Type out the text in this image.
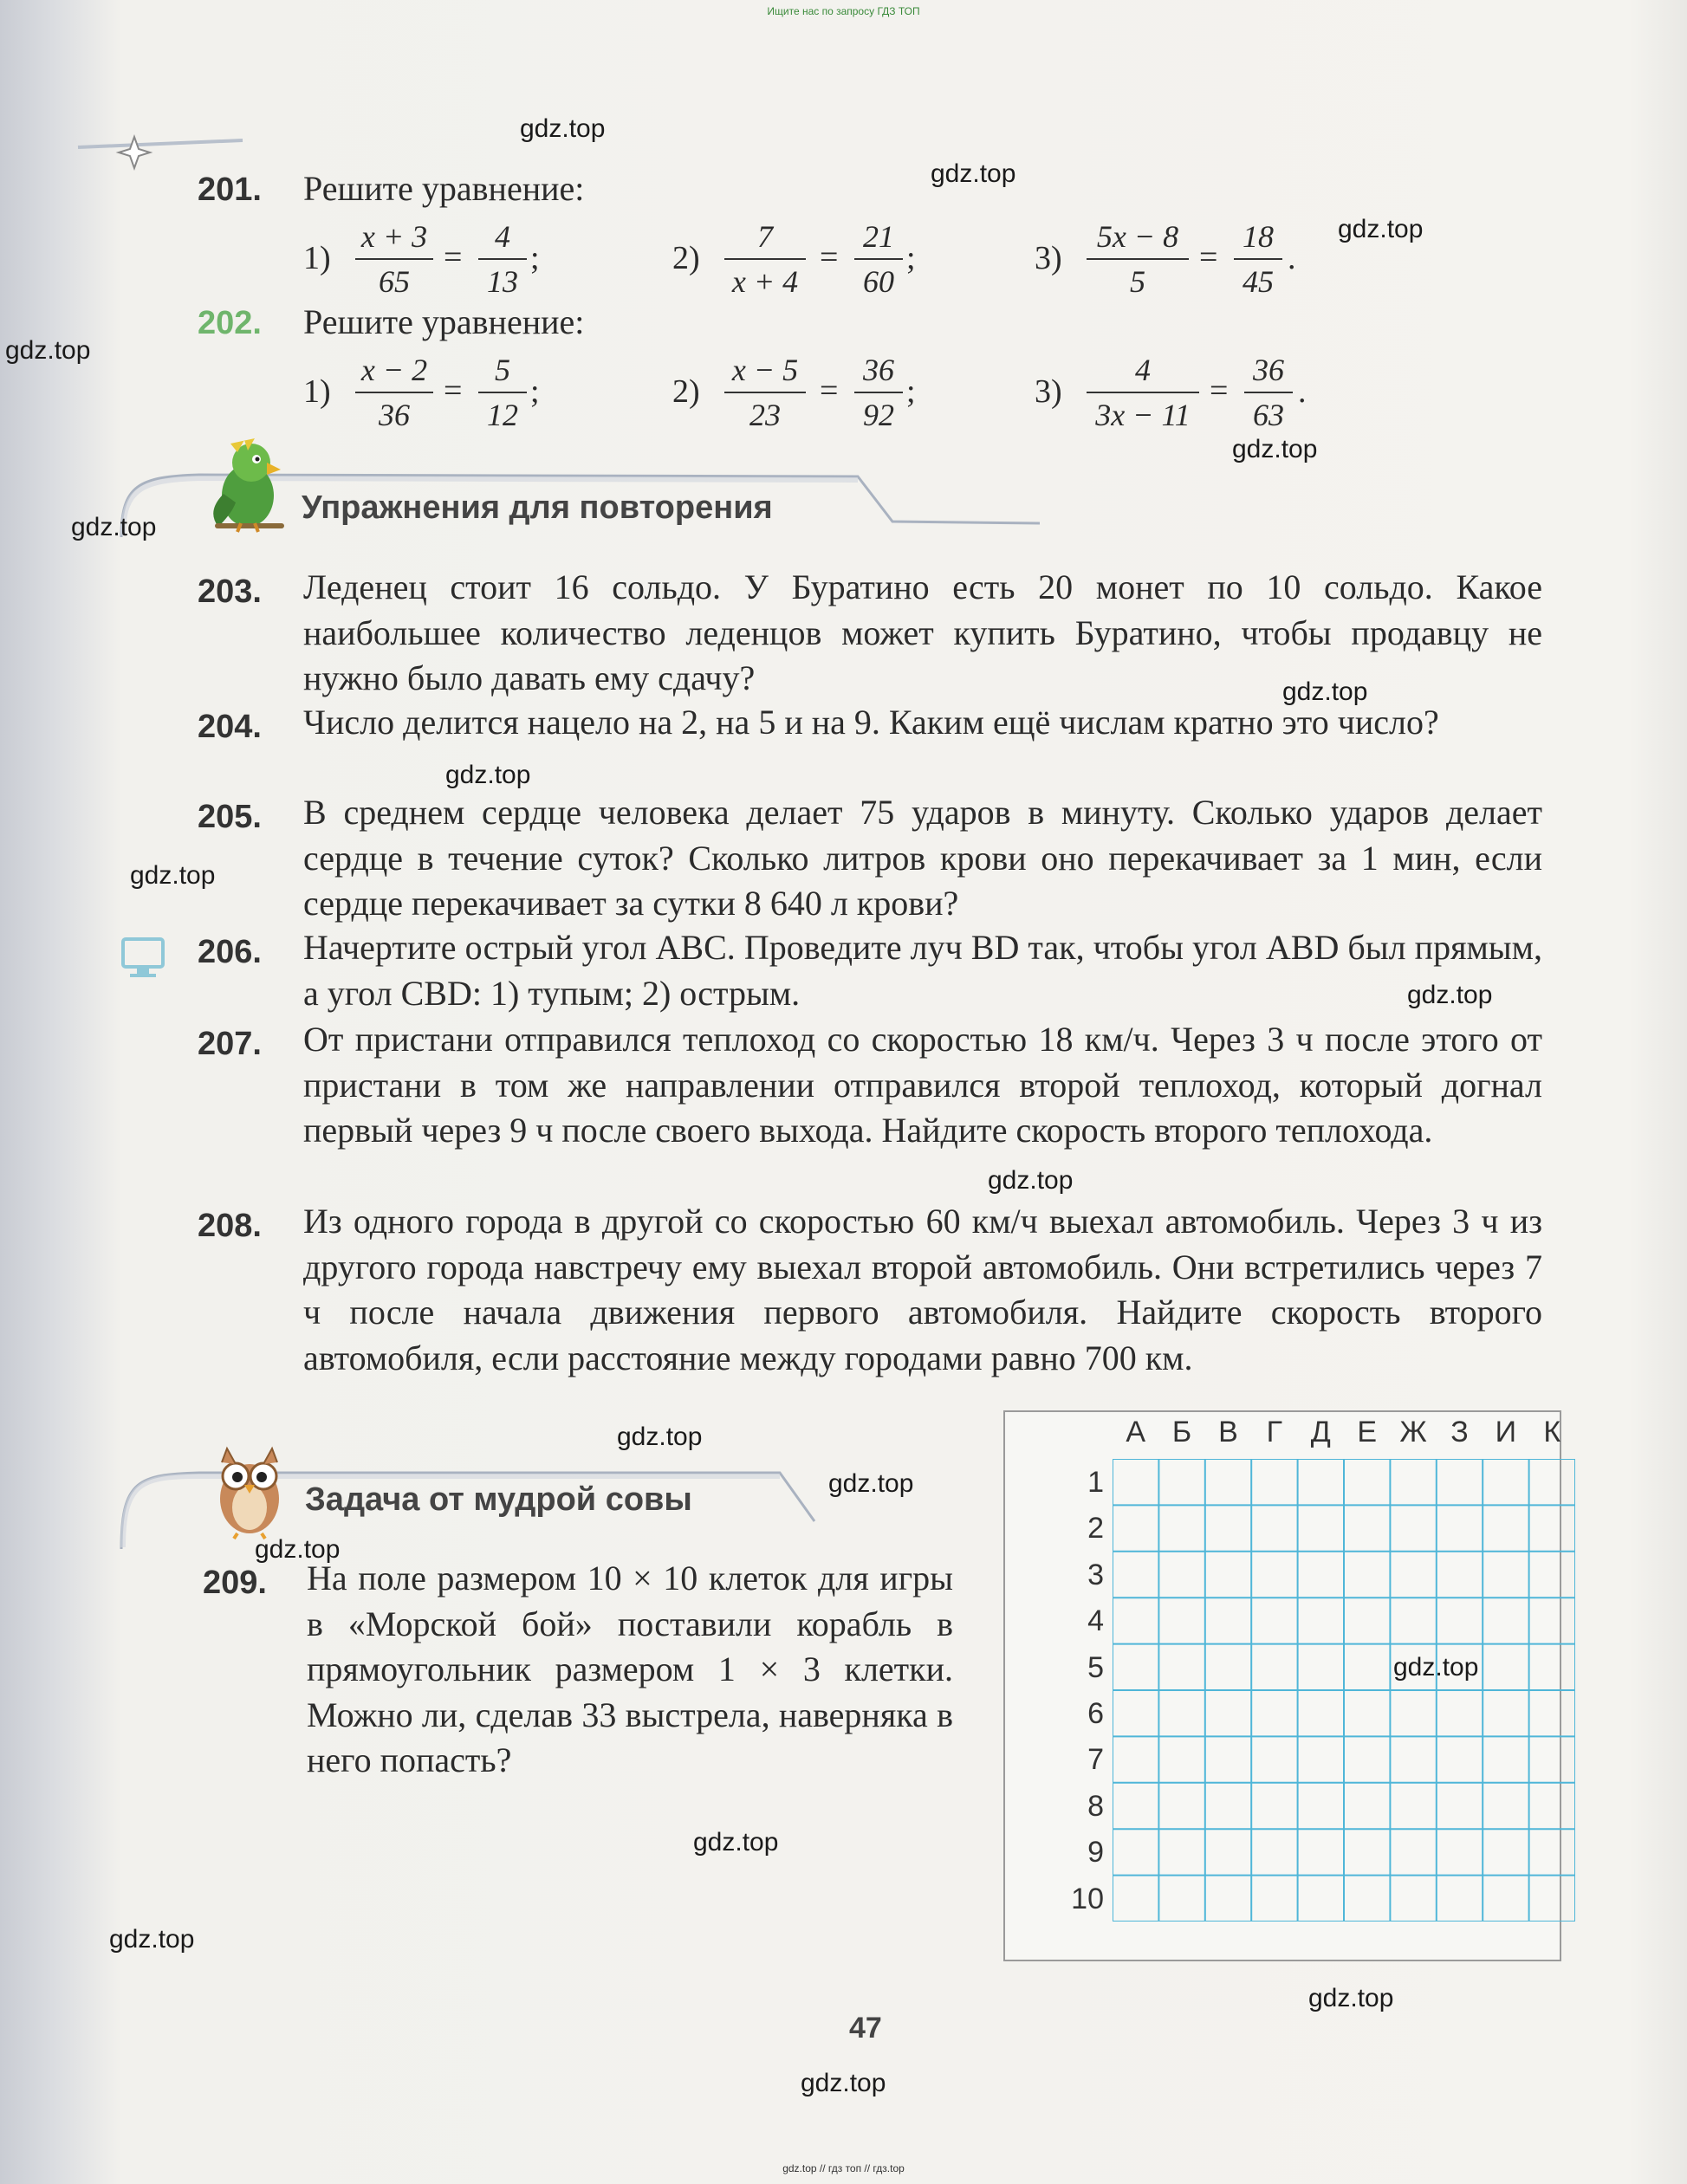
Ищите нас по запросу ГДЗ ТОП
201. Решите уравнение:
1)
x + 3
65
=
4
13
;	2)
7
x + 4
=
21
60
;	3)
5x − 8
5
=
18
45
.
202. Решите уравнение:
1)
x − 2
36
=
5
12
;	2)
x − 5
23
=
36
92
;	3)
4
3x − 11
=
36
63
.
Упражнения для повторения
203. Леденец стоит 16 сольдо. У Буратино есть 20 монет по 10 сольдо. Какое наибольшее количество леденцов может купить Буратино, чтобы продавцу не нужно было давать ему сдачу?
204. Число делится нацело на 2, на 5 и на 9. Каким ещё числам кратно это число?
205. В среднем сердце человека делает 75 ударов в минуту. Сколько ударов делает сердце в течение суток? Сколько литров крови оно перекачивает за 1 мин, если сердце перекачивает за сутки 8 640 л крови?
206. Начертите острый угол ABC. Проведите луч BD так, чтобы угол ABD был прямым, а угол CBD: 1) тупым; 2) острым.
207. От пристани отправился теплоход со скоростью 18 км/ч. Через 3 ч после этого от пристани в том же направлении отправился второй теплоход, который догнал первый через 9 ч после своего выхода. Найдите скорость второго теплохода.
208. Из одного города в другой со скоростью 60 км/ч выехал автомобиль. Через 3 ч из другого города навстречу ему выехал второй автомобиль. Они встретились через 7 ч после начала движения первого автомобиля. Найдите скорость второго автомобиля, если расстояние между городами равно 700 км.
Задача от мудрой совы
209. На поле размером 10 × 10 клеток для игры в «Морской бой» поставили корабль в прямоугольник размером 1 × 3 клетки. Можно ли, сделав 33 выстрела, наверняка в него попасть?
А Б В Г Д Е Ж З И К
1
2
3
4
5
6
7
8
9
10
47
gdz.top
gdz.top
gdz.top
gdz.top
gdz.top
gdz.top
gdz.top
gdz.top
gdz.top
gdz.top
gdz.top
gdz.top
gdz.top
gdz.top
gdz.top
gdz.top
gdz.top
gdz.top
gdz.top
gdz.top // гдз топ // гдз.top
